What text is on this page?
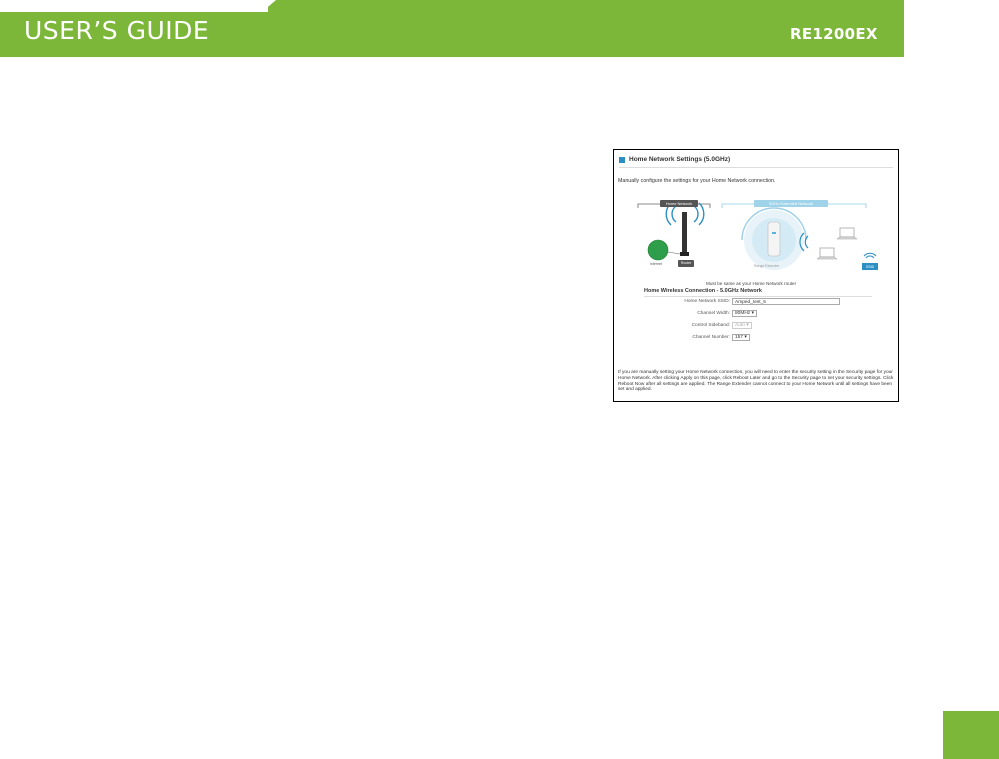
USER’S GUIDE	RE1200EX
Home Network Settings (5.0GHz)
Manually configure the settings for your Home Network connection.
Home Network	5GHz Extended Network
Internet	Router
Range Extender	SSID
Must be same as your Home Network router
Home Wireless Connection - 5.0GHz Network
Home Network SSID:	Amped_test_5
Channel Width:	80MHz ▾
Control Sideband:	Auto ▾
Channel Number:	157 ▾
If you are manually setting your Home Network connection, you will need to enter the security setting in the Security page for your Home Network. After clicking Apply on this page, click Reboot Later and go to the Security page to set your security settings. Click Reboot Now after all settings are applied. The Range Extender cannot connect to your Home Network until all settings have been set and applied.
